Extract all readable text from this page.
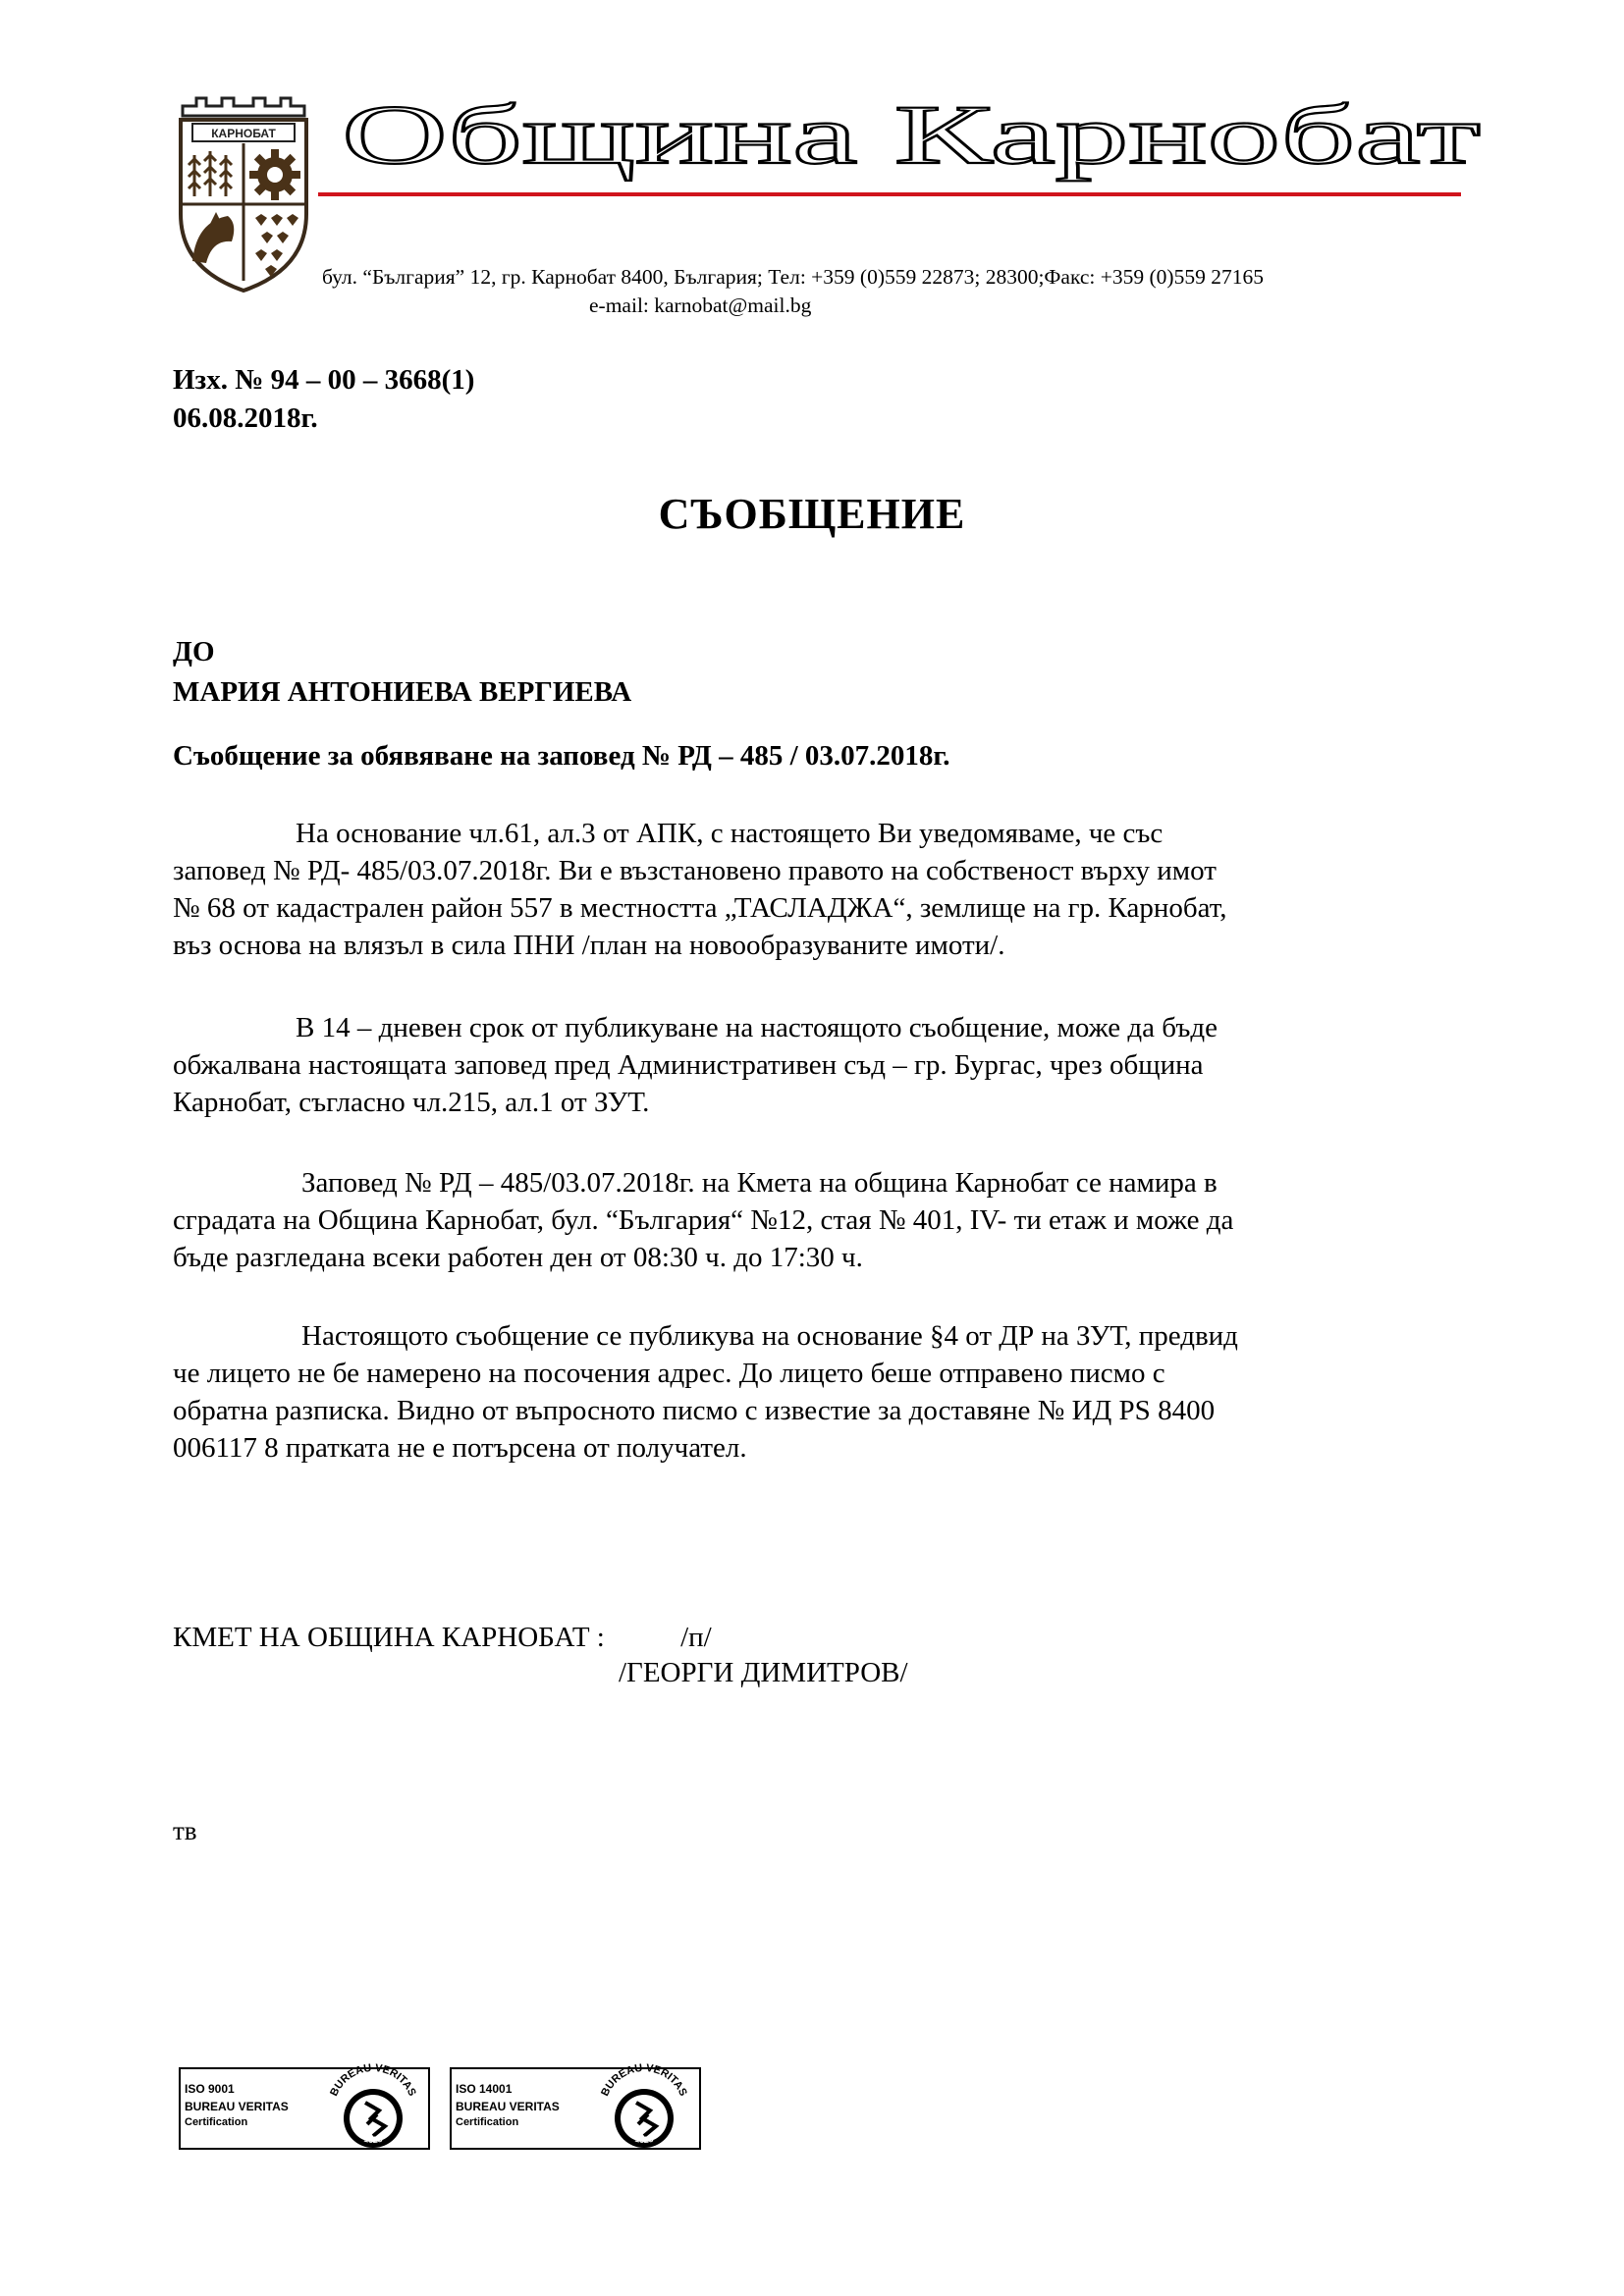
КАРНОБАТ Община Карнобат
бул. “България” 12, гр. Карнобат 8400, България; Тел: +359 (0)559 22873; 28300;Факс: +359 (0)559 27165
e-mail: karnobat@mail.bg
Изх. № 94 – 00 – 3668(1)
06.08.2018г.
СЪОБЩЕНИЕ
ДО
МАРИЯ АНТОНИЕВА ВЕРГИЕВА
Съобщение за обявяване на заповед № РД – 485 / 03.07.2018г.
На основание чл.61, ал.3 от АПК, с настоящето Ви уведомяваме, че със
заповед № РД- 485/03.07.2018г. Ви е възстановено правото на собственост върху имот
№ 68 от кадастрален район 557 в местността „ТАСЛАДЖА“, землище на гр. Карнобат,
въз основа на влязъл в сила ПНИ /план на новообразуваните имоти/.
В 14 – дневен срок от публикуване на настоящото съобщение, може да бъде
обжалвана настоящата заповед пред Административен съд – гр. Бургас, чрез община
Карнобат, съгласно чл.215, ал.1 от ЗУТ.
Заповед № РД – 485/03.07.2018г. на Кмета на община Карнобат се намира в
сградата на Община Карнобат, бул. “България“ №12, стая № 401, IV- ти етаж и може да
бъде разгледана всеки работен ден от 08:30 ч. до 17:30 ч.
Настоящото съобщение се публикува на основание §4 от ДР на ЗУТ, предвид
че лицето не бе намерено на посочения адрес. До лицето беше отправено писмо с
обратна разписка. Видно от въпросното писмо с известие за доставяне № ИД PS 8400
006117 8 пратката не е потърсена от получател.
КМЕТ НА ОБЩИНА КАРНОБАТ :	/п/
/ГЕОРГИ ДИМИТРОВ/
тв
ISO 9001
BUREAU VERITAS
Certification
BUREAU VERITAS
1828
ISO 14001
BUREAU VERITAS
Certification
BUREAU VERITAS
1828
